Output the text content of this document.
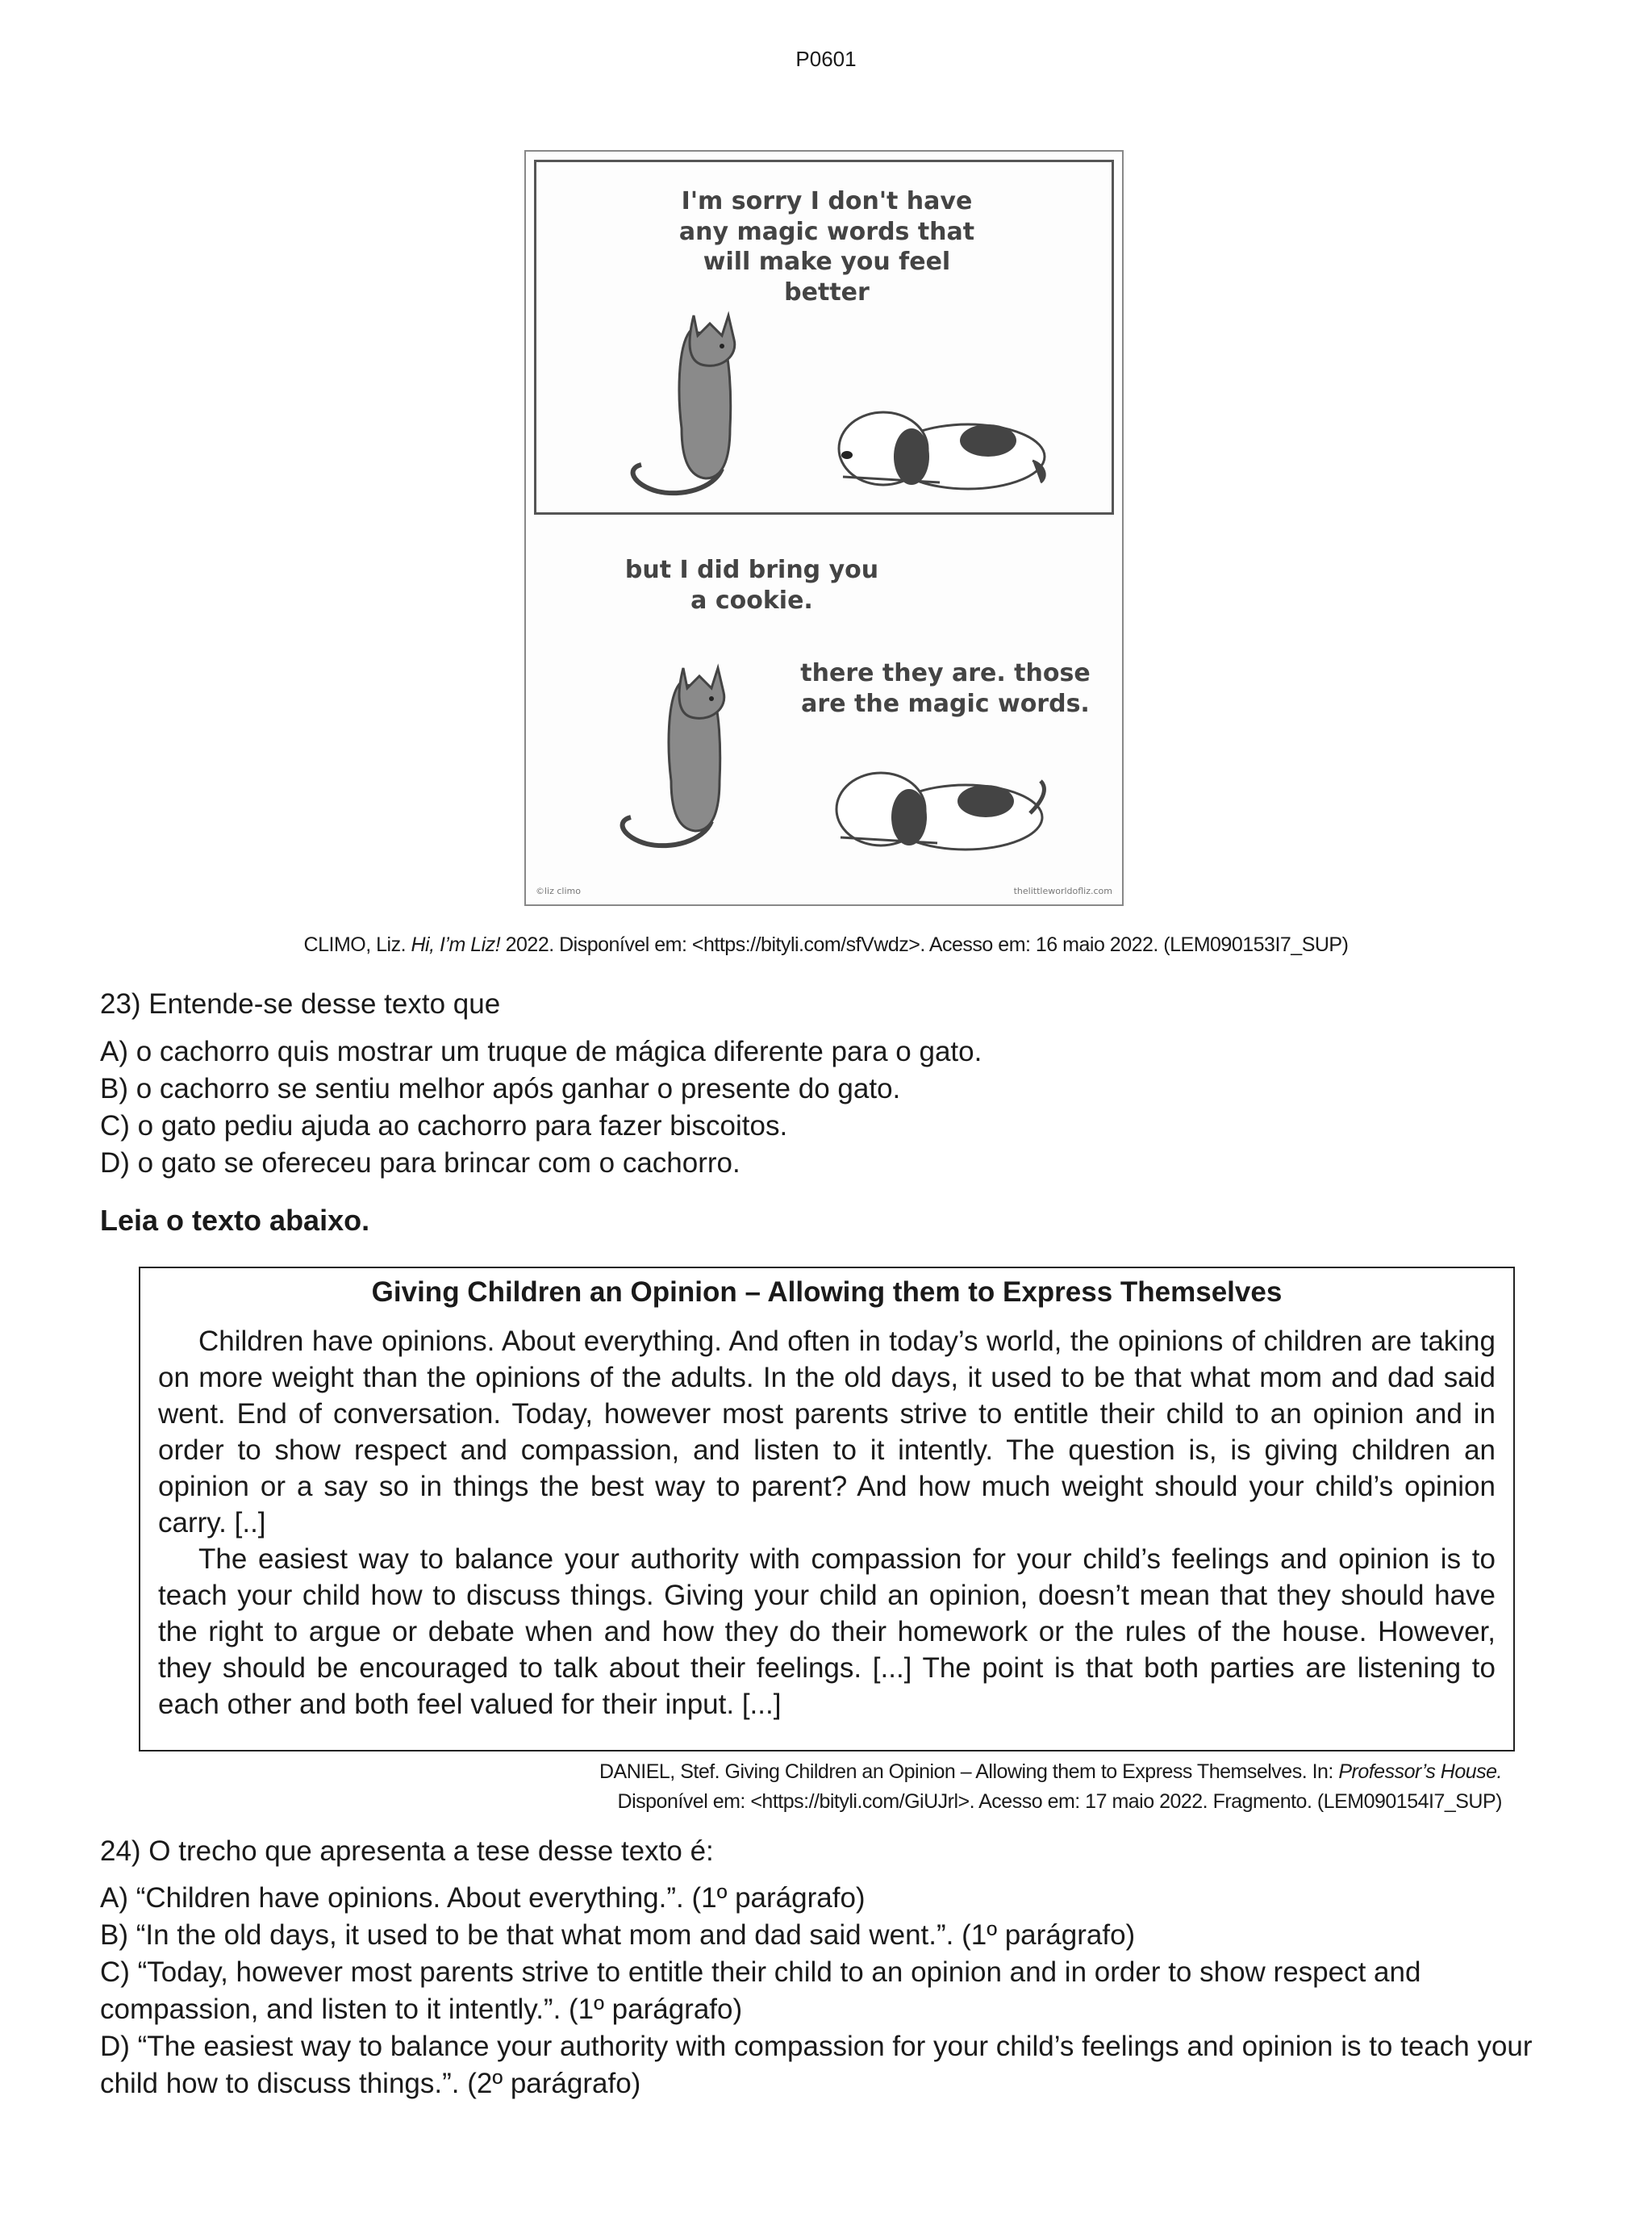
P0601
I'm sorry I don't have any magic words that will make you feel better
but I did bring you a cookie.
there they are. those are the magic words.
©liz climo	thelittleworldofliz.com
CLIMO, Liz. Hi, I’m Liz! 2022. Disponível em: <https://bityli.com/sfVwdz>. Acesso em: 16 maio 2022. (LEM090153I7_SUP)
23) Entende-se desse texto que
A) o cachorro quis mostrar um truque de mágica diferente para o gato.
B) o cachorro se sentiu melhor após ganhar o presente do gato.
C) o gato pediu ajuda ao cachorro para fazer biscoitos.
D) o gato se ofereceu para brincar com o cachorro.
Leia o texto abaixo.
Giving Children an Opinion – Allowing them to Express Themselves

Children have opinions. About everything. And often in today’s world, the opinions of children are taking on more weight than the opinions of the adults. In the old days, it used to be that what mom and dad said went. End of conversation. Today, however most parents strive to entitle their child to an opinion and in order to show respect and compassion, and listen to it intently. The question is, is giving children an opinion or a say so in things the best way to parent? And how much weight should your child’s opinion carry. [..]

The easiest way to balance your authority with compassion for your child’s feelings and opinion is to teach your child how to discuss things. Giving your child an opinion, doesn’t mean that they should have the right to argue or debate when and how they do their homework or the rules of the house. However, they should be encouraged to talk about their feelings. [...] The point is that both parties are listening to each other and both feel valued for their input. [...]

DANIEL, Stef. Giving Children an Opinion – Allowing them to Express Themselves. In: Professor’s House.
Disponível em: <https://bityli.com/GiUJrl>. Acesso em: 17 maio 2022. Fragmento. (LEM090154I7_SUP)
24) O trecho que apresenta a tese desse texto é:
A) “Children have opinions. About everything.”. (1º parágrafo)
B) “In the old days, it used to be that what mom and dad said went.”. (1º parágrafo)
C) “Today, however most parents strive to entitle their child to an opinion and in order to show respect and compassion, and listen to it intently.”. (1º parágrafo)
D) “The easiest way to balance your authority with compassion for your child’s feelings and opinion is to teach your child how to discuss things.”. (2º parágrafo)
